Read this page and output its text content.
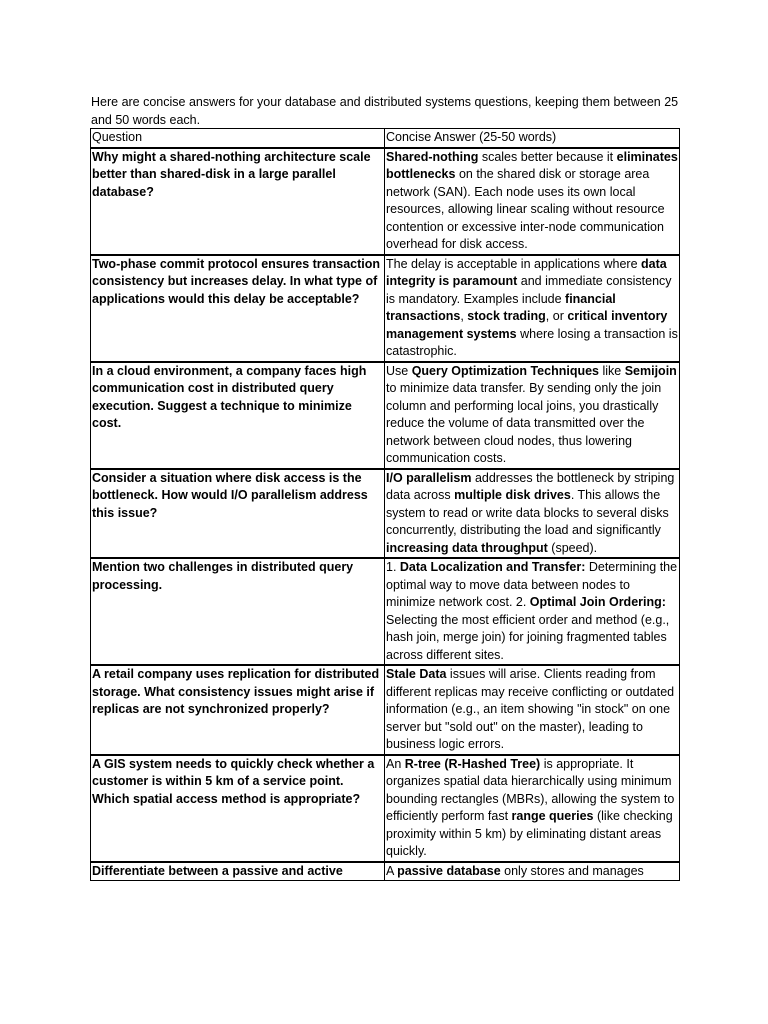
Here are concise answers for your database and distributed systems questions, keeping them between 25 and 50 words each.

Question	Concise Answer (25-50 words)
Why might a shared-nothing architecture scale better than shared-disk in a large parallel database?	Shared-nothing scales better because it eliminates bottlenecks on the shared disk or storage area network (SAN). Each node uses its own local resources, allowing linear scaling without resource contention or excessive inter-node communication overhead for disk access.
Two-phase commit protocol ensures transaction consistency but increases delay. In what type of applications would this delay be acceptable?	The delay is acceptable in applications where data integrity is paramount and immediate consistency is mandatory. Examples include financial transactions, stock trading, or critical inventory management systems where losing a transaction is catastrophic.
In a cloud environment, a company faces high communication cost in distributed query execution. Suggest a technique to minimize cost.	Use Query Optimization Techniques like Semijoin to minimize data transfer. By sending only the join column and performing local joins, you drastically reduce the volume of data transmitted over the network between cloud nodes, thus lowering communication costs.
Consider a situation where disk access is the bottleneck. How would I/O parallelism address this issue?	I/O parallelism addresses the bottleneck by striping data across multiple disk drives. This allows the system to read or write data blocks to several disks concurrently, distributing the load and significantly increasing data throughput (speed).
Mention two challenges in distributed query processing.	1. Data Localization and Transfer: Determining the optimal way to move data between nodes to minimize network cost. 2. Optimal Join Ordering: Selecting the most efficient order and method (e.g., hash join, merge join) for joining fragmented tables across different sites.
A retail company uses replication for distributed storage. What consistency issues might arise if replicas are not synchronized properly?	Stale Data issues will arise. Clients reading from different replicas may receive conflicting or outdated information (e.g., an item showing "in stock" on one server but "sold out" on the master), leading to business logic errors.
A GIS system needs to quickly check whether a customer is within 5 km of a service point. Which spatial access method is appropriate?	An R-tree (R-Hashed Tree) is appropriate. It organizes spatial data hierarchically using minimum bounding rectangles (MBRs), allowing the system to efficiently perform fast range queries (like checking proximity within 5 km) by eliminating distant areas quickly.
Differentiate between a passive and active	A passive database only stores and manages
